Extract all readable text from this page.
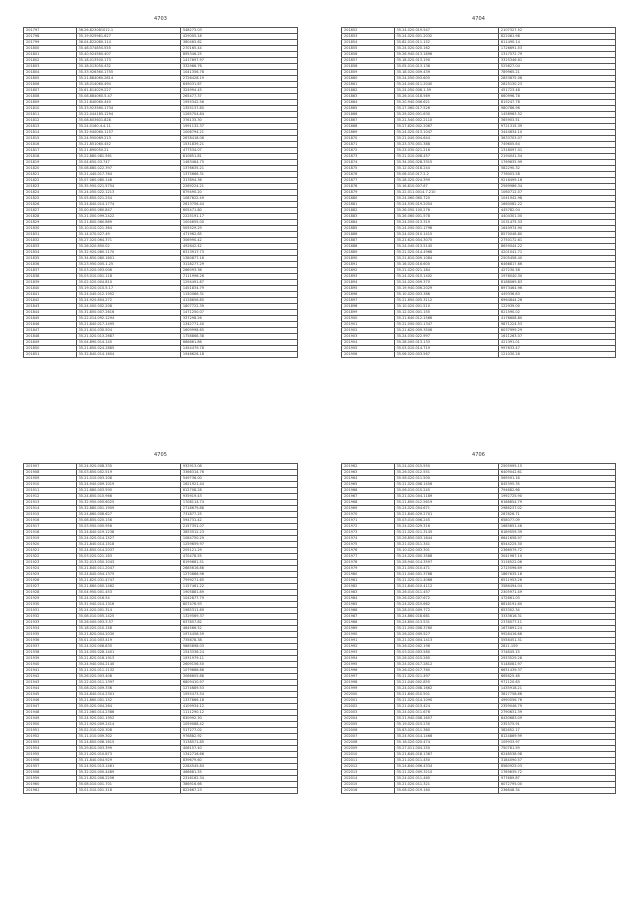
4703
201797	36.26.823081012.1	548273.03
201798	35.19.925981.627	429005.18
201799	36.04.822080.114	380463.62
201800	35.48.074850.555	270165.44
201801	35.40.924560.407	895346.25
201802	35.18.013500.173	1417697.97
201803	35.18.013050.432	332986.76
201804	35.33.926360.1755	1041356.78
201805	35.21.884060.2814	2726428.19
201806	35.18.014060.494	649031.67
201807	35.61.814029.227	324994.45
201808	35.08.884060.5.47	265477.37
201809	35.21.840060.440	1955342.56
201810	35.33.923560.1734	1355137.85
201811	35.22.044185.1294	1265704.84
201812	35.08.803601.828	376133.30
201813	35.24.0160.4.4.11	1991132.37
201814	35.32.940060.1157	1006794.21
201815	35.24.950069.213	2678418.06
201816	35.21.851060.452	1531839.21
201817	35.21.890050.21	477534.07
201818	35.22.880.081.561	810651.81
201819	35.04.650.03.747	1463464.75
201820	35.08.880.022.397	1376635.21
201821	35.21.440.017.764	1375666.31
201822	35.07.060.080.146	317894.36
201823	35.35.950.021.5754	2269224.21
201824	35.24.050.022.1213	879490.20
201825	35.05.850.021.254	1087622.49
201826	35.24.840.014.1774	2613756.44
201827	35.00.650.060.847	605471.80
201828	35.21.000.099.2422	2225191.17
201829	35.21.800.060.869	1004655.00
201830	35.10.010.021.364	505529.29
201831	35.14.070.027.49	471962.85
201832	35.27.020.064.371	306990.42
201833	35.26.020.850.02	492842.42
201834	35.32.920.060.1170	6313917.73
201835	35.34.850.080.1601	1380877.16
201836	35.23.950.005.1.25	3118277.29
201837	35.03.020.003.006	266093.36
201838	35.03.010.001.118	7111996.26
201839	35.02.020.004.810	1294491.87
201840	35.19.020.015.5.17	1451834.79
201841	35.24.040.012.1952	1150086.31
201842	35.24.920.804.272	4128856.85
201843	35.24.000.002.208	1807722.39
201844	35.31.850.007.2616	1471250.07
201845	35.22.014.092.1294	337298.26
201846	35.21.840.017.1495	1342771.40
201847	35.21.610.030.504	1609998.65
201848	35.21.020.013.2687	1758868.38
201849	35.04.890.014.145	686661.86
201850	35.21.850.024.2885	1454479.78
201851	35.32.840.014.1604	1946626.18
4704
201852	35.24.020.019.547	2107327.52
201853	35.24.020.001.2032	622061.98
201854	35.82.010.011.152	611490.14
201855	35.24.020.020.162	1726691.53
201856	35.26.940.013.1896	1317572.79
201857	35.18.020.013.190	3325346.61
201858	35.05.010.013.138	525627.04
201859	35.18.020.009.439	789965.21
201860	35.24.050.003.605	2853675.06
201861	35.24.040.011.2040	2825130.23
201862	35.24.050.006.1.59	451723.48
201863	35.26.010.018.569	660996.78
201864	35.20.940.006.621	815247.78
201865	35.27.060.017.526	980786.96
201866	35.29.020.001.630	1458963.52
201867	35.21.540.002.2110	365903.51
201868	35.27.620.002.2067	9721315.39
201869	35.24.020.013.1047	3444634.10
201870	35.21.040.004.644	3633703.07
201871	35.23.370.001.388	749605.64
201872	35.23.030.021.216	1318097.01
201873	35.21.010.008.457	2194041.54
201874	35.34.050.028.3315	1769635.99
201875	35.12.020.018.244	582290.32
201876	35.06.010.017.2.2	776003.58
201877	35.28.020.024.399	9216499.16
201878	35.16.810.007.67	2569986.34
201879	35.22.011.0014.7.210	1060712.07
201880	35.24.060.060.720	1041942.98
201881	35.24.530.019.2054	1660082.22
201882	35.26.050.100.276	445782.04
201883	35.26.060.001.578	4404301.00
201884	35.24.050.013.319	1031475.33
201885	35.24.050.001.1796	1640974.90
201886	35.24.020.010.1415	8570048.80
201887	35.21.620.004.3070	2750172.61
201888	35.24.040.013.5145	8659044.22
201889	35.21.020.014.4966	4201041.71
201890	35.21.610.009.1084	2505458.40
201891	35.16.020.016.600	6466817.66
201892	35.21.020.021.184	427230.58
201893	35.24.020.010.1402	1976040.30
201894	35.24.020.009.370	8188069.83
201895	35.19.940.006.2029	6973464.96
201896	35.10.020.003.386	449336.83
201897	35.21.850.005.3112	6964844.26
201898	35.10.020.001.510	122939.00
201899	35.12.020.001.155	621590.02
201900	35.21.640.012.1566	4176608.80
201901	35.21.050.001.1347	9871224.53
201902	35.21.620.009.3506	6037999.29
201903	35.24.030.022.997	1611263.07
201904	35.28.000.013.133	421391.01
201905	35.03.010.014.719	997633.47
201906	35.06.020.003.567	121030.26
4705
201907	35.24.920.008.335	932913.08
201908	35.03.850.002.519	3366314.76
201909	35.21.010.003.108	549736.00
201910	35.24.940.009.1019	1621921.44
201911	35.21.880.003.590	612708.28
201912	35.24.850.010.966	935919.43
201913	35.32.950.005.6025	1708114.74
201914	35.32.880.001.1909	2718679.86
201915	35.24.860.008.627	731877.25
201916	35.08.850.020.158	594731.42
201917	35.03.950.005.956	2157351.07
201918	35.24.840.019.1238	3853512.23
201919	35.24.020.014.1527	1084750.29
201920	35.21.840.014.1518	1259659.97
201921	35.24.850.014.2037	205121.29
201922	35.03.020.021.163	470478.55
201923	35.32.013.050.1043	8199681.51
201924	35.21.840.011.2047	2685616.86
201925	35.24.840.054.1375	1270866.96
201926	35.21.820.031.4747	7599271.65
201927	35.21.860.000.1462	1157461.22
201928	35.04.950.001.453	1905881.89
201929	35.24.020.016.54	1042877.79
201930	35.31.940.014.1316	807476.93
201931	35.24.020.001.314	1985311.69
201932	35.08.010.005.1425	1329569.37
201933	35.26.000.003.3.57	637857.82
201934	35.18.020.010.158	464566.52
201935	35.21.820.004.2030	1974458.59
201936	35.01.010.003.419	735878.38
201937	35.24.020.008.835	9885898.03
201938	35.24.050.028.1401	1543336.24
201939	35.21.820.016.1913	1931979.11
201940	35.24.940.004.2140	2609156.50
201941	35.21.020.011.1132	1079668.66
201942	35.26.020.003.408	3066605.86
201943	35.22.020.011.1397	6809410.97
201944	35.08.020.009.336	1274689.53
201945	35.24.840.014.2301	1555473.54
201946	35.21.860.001.152	1337866.18
201947	35.05.020.004.264	4109934.12
201948	35.21.060.014.2386	1111290.12
201949	35.24.920.001.1952	630992.30
201950	35.21.920.009.2414	1059088.42
201951	35.02.010.020.308	517277.02
201952	35.11.010.009.302	976882.92
201953	35.24.850.008.1615	3138571.85
201954	35.29.810.003.399	406157.40
201955	35.21.020.010.873	1342716.66
201956	35.11.840.004.929	839679.60
201957	35.24.920.013.1461	2284545.84
201958	35.32.020.000.4489	466681.55
201959	35.21.820.006.2256	2316162.34
201960	35.08.010.001.701	386916.66
201961	35.01.010.001.318	822667.23
4706
201962	35.24.020.015.550	2505995.15
201963	35.26.020.012.551	6409042.61
201964	35.58.020.011.500	569591.16
201965	35.21.020.008.1456	845395.35
201966	35.06.010.015.245	794682.66
201967	35.21.020.004.1189	1992725.90
201968	35.21.850.012.5619	6168854.79
201969	35.24.020.004.671	2986237.02
201970	35.21.840.029.2701	287826.71
201971	35.03.010.006.245	658077.09
201972	35.24.020.029.316	1685651.46
201973	35.21.020.011.3145	6189559.39
201974	35.26.850.003.1644	6641658.97
201975	35.21.020.011.341	6544225.30
201976	35.10.020.003.301	2366979.72
201977	35.24.020.000.3588	3041967.10
201978	35.28.940.014.3597	3116522.06
201979	35.21.050.010.471	2715596.69
201980	35.21.040.001.3768	1867635.18
201981	35.21.020.011.4066	6511953.26
201982	35.21.840.010.4112	3586494.04
201983	35.26.010.011.457	2305971.49
201984	35.26.020.007.672	472661.03
201985	35.24.020.015.662	8816191.60
201986	35.28.010.009.772	653302.34
201987	35.24.860.018.681	3333616.31
201988	35.24.850.013.531	2378077.11
201989	35.21.050.008.3760	1675891.24
201990	35.26.020.009.527	9928416.66
201991	35.21.020.004.1413	5558451.31
201992	35.26.020.002.196	2811.109
201993	35.03.010.003.580	374845.15
201994	35.26.020.015.265	2933529.26
201995	35.24.020.017.2812	5148081.97
201996	35.26.020.017.760	6631439.37
201997	35.21.020.011.497	665625.48
201998	35.21.040.002.855	971120.63
201999	35.24.020.008.1662	1435918.21
202000	35.21.840.010.501	3817758.66
202001	35.21.020.014.1090	4990556.76
202002	35.21.040.013.424	2359046.79
202003	35.24.020.011.676	2790631.39
202004	35.21.940.008.1607	6430683.09
202005	35.19.020.015.230	235375.91
202006	35.63.020.011.380	382652.17
202007	35.24.920.014.1466	8124869.99
202008	35.18.020.020.474	109933.97
202009	35.27.011.004.150	750781.59
202010	35.21.840.018.1367	6248538.98
202011	35.21.020.011.450	3184090.57
202012	35.24.840.006.4334	8580925.03
202013	35.21.020.009.3210	1769639.72
202014	35.24.020.011.460	977689.87
202015	35.21.020.011.321	6072795.00
202016	35.08.020.019.160	236848.34
